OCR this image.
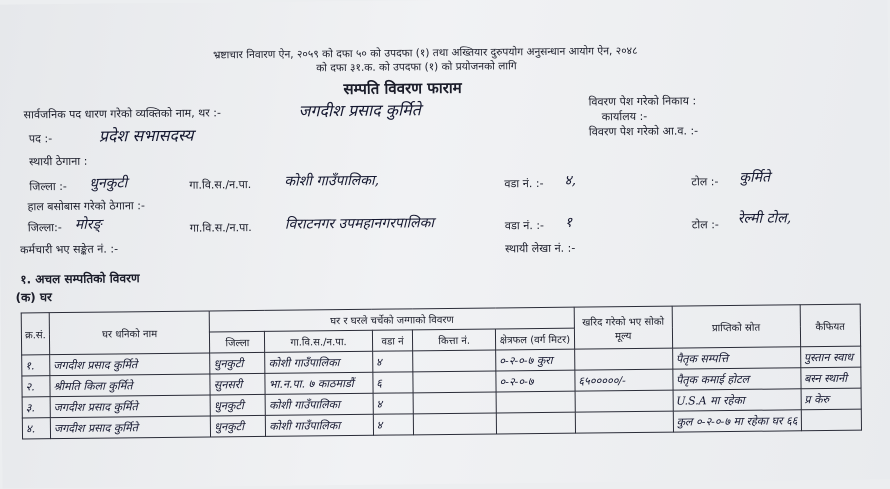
भ्रष्टाचार निवारण ऐन, २०५९ को दफा ५० को उपदफा (१) तथा अख्तियार दुरुपयोग अनुसन्धान आयोग ऐन, २०४८
को दफा ३१.क. को उपदफा (१) को प्रयोजनको लागि
सम्पति विवरण फाराम
विवरण पेश गरेको निकाय :
कार्यालय :-
विवरण पेश गरेको आ.व. :-
सार्वजनिक पद धारण गरेको व्यक्तिको नाम, थर :-	जगदीश प्रसाद कुर्मिते
पद :-	प्रदेश सभासदस्य
स्थायी ठेगाना :
जिल्ला :- धुनकुटी	गा.वि.स./न.पा. कोशी गाउँपालिका,	वडा नं. :- ४,	टोल :- कुर्मिते
हाल बसोबास गरेको ठेगाना :-
जिल्ला:- मोरङ्	गा.वि.स./न.पा. विराटनगर उपमहानगरपालिका	वडा नं. :- १	टोल :- रेल्मी टोल,
कर्मचारी भए सङ्केत नं. :-	स्थायी लेखा नं. :-
१. अचल सम्पतिको विवरण
(क) घर
क्र.सं.	घर धनिको नाम	घर र घरले चर्चेको जग्गाको विवरण					खरिद गरेको भए सोको मूल्य	प्राप्तिको स्रोत	कैफियत
		जिल्ला	गा.वि.स./न.पा.	वडा नं	कित्ता नं.	क्षेत्रफल (वर्ग मिटर)			
१.	जगदीश प्रसाद कुर्मिते	धुनकुटी	कोशी गाउँपालिका	४		०-२-०-७ कुरा		पैतृक सम्पत्ति	पुस्तान स्वाध
२.	श्रीमति किला कुर्मिते	सुनसरी	भा.न.पा. ७ काठमाडौं	६		०-२-०-७	६५०००००/-	पैतृक कमाई होटल	बस्न स्थानी
३.	जगदीश प्रसाद कुर्मिते	धुनकुटी	कोशी गाउँपालिका	४				U.S.A मा रहेका	प्र केरु
४.	जगदीश प्रसाद कुर्मिते	धुनकुटी	कोशी गाउँपालिका	४				कुल ०-२-०-७ मा रहेका घर ६६	
